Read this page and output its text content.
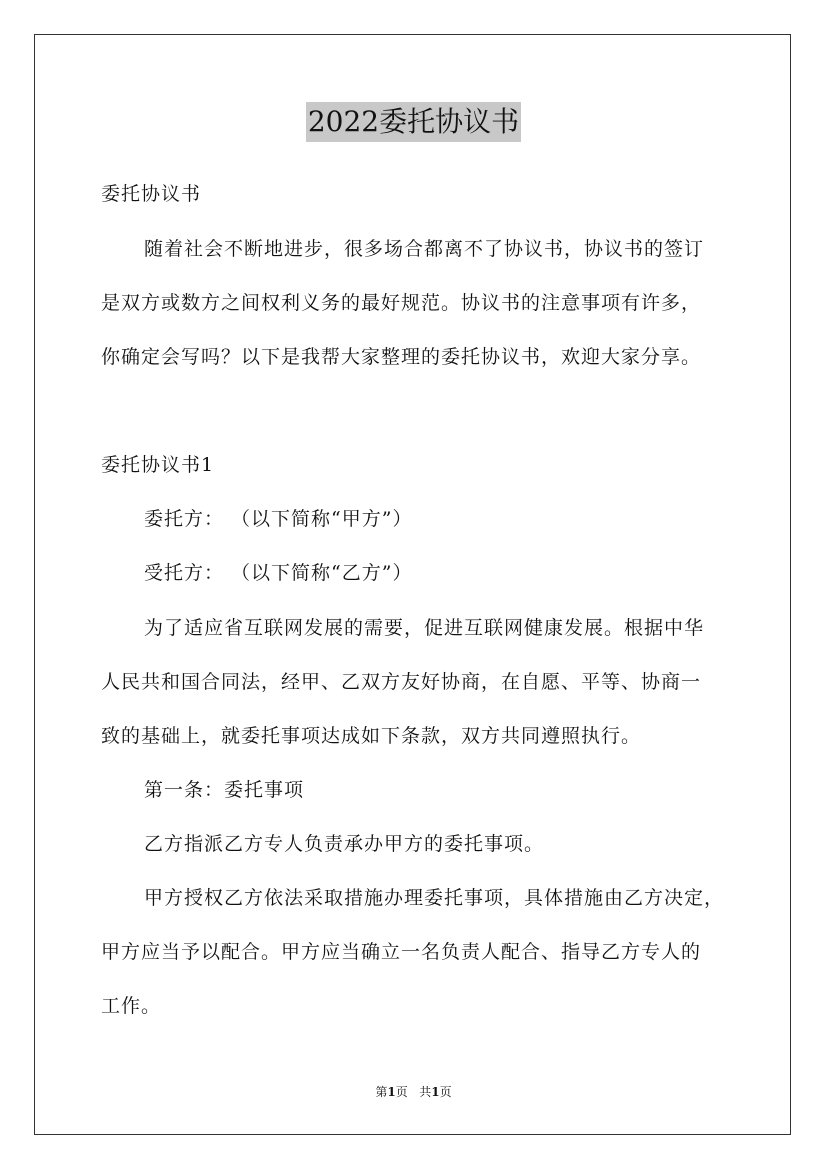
2022委托协议书
委托协议书
随着社会不断地进步，很多场合都离不了协议书，协议书的签订
是双方或数方之间权利义务的最好规范。协议书的注意事项有许多，
你确定会写吗？以下是我帮大家整理的委托协议书，欢迎大家分享。
委托协议书1
委托方： （以下简称“甲方”）
受托方： （以下简称“乙方”）
为了适应省互联网发展的需要，促进互联网健康发展。根据中华
人民共和国合同法，经甲、乙双方友好协商，在自愿、平等、协商一
致的基础上，就委托事项达成如下条款，双方共同遵照执行。
第一条：委托事项
乙方指派乙方专人负责承办甲方的委托事项。
甲方授权乙方依法采取措施办理委托事项，具体措施由乙方决定，
甲方应当予以配合。甲方应当确立一名负责人配合、指导乙方专人的
工作。
第1页 共1页
